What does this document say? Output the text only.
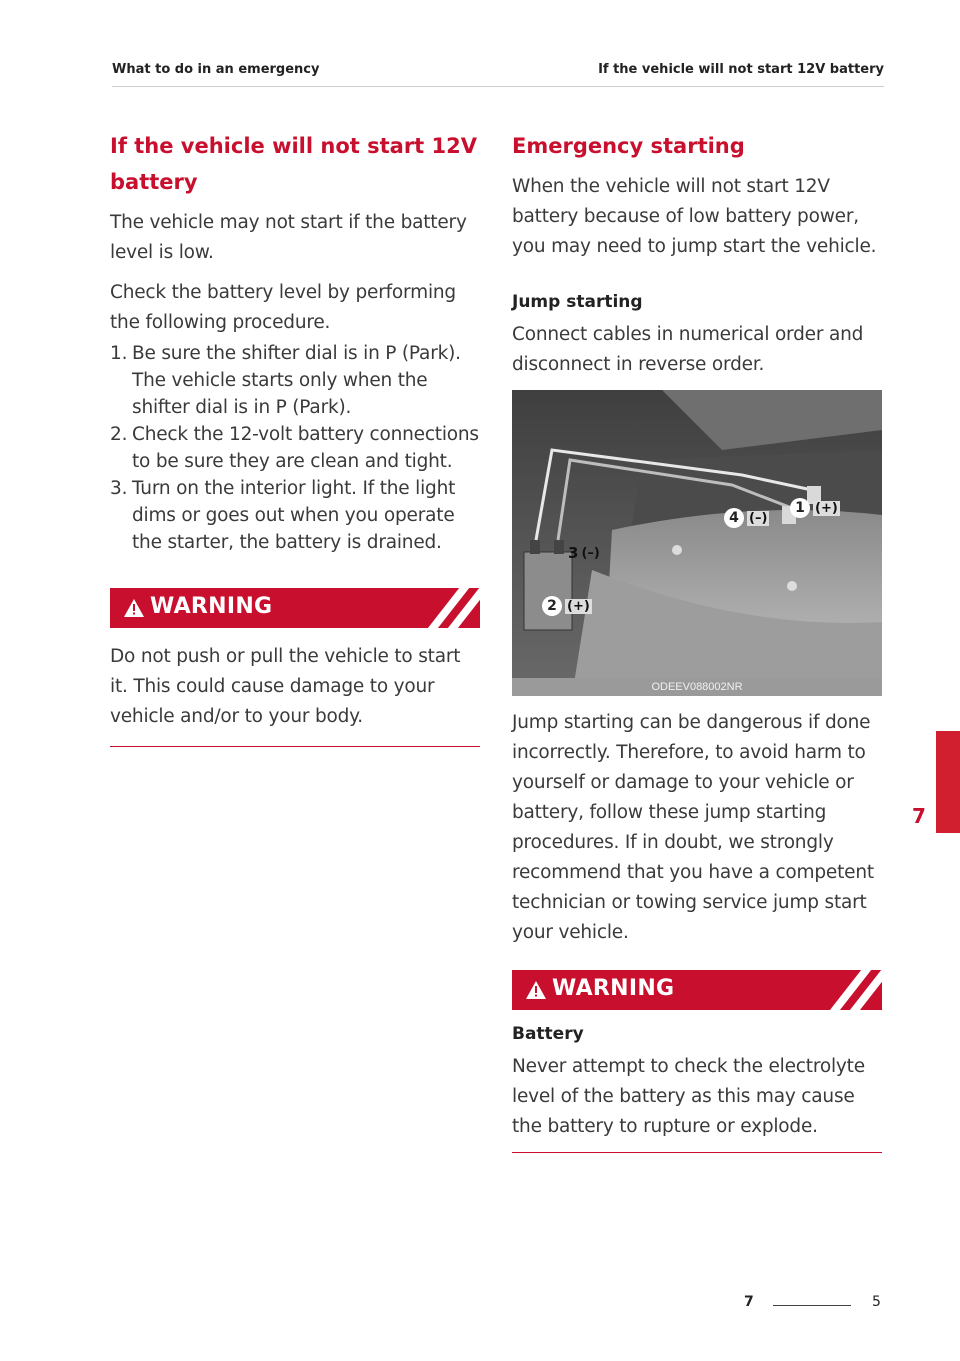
What to do in an emergency	If the vehicle will not start 12V battery
If the vehicle will not start 12V battery

The vehicle may not start if the battery level is low.

Check the battery level by performing the following procedure.

1. Be sure the shifter dial is in P (Park). The vehicle starts only when the shifter dial is in P (Park).
2. Check the 12-volt battery connections to be sure they are clean and tight.
3. Turn on the interior light. If the light dims or goes out when you operate the starter, the battery is drained.
WARNING

Do not push or pull the vehicle to start it. This could cause damage to your vehicle and/or to your body.

Emergency starting

When the vehicle will not start 12V battery because of low battery power, you may need to jump start the vehicle.

Jump starting

Connect cables in numerical order and disconnect in reverse order.

1 (+)
2 (+)
3 (–)
4 (–)
ODEEV088002NR

Jump starting can be dangerous if done incorrectly. Therefore, to avoid harm to yourself or damage to your vehicle or battery, follow these jump starting procedures. If in doubt, we strongly recommend that you have a competent technician or towing service jump start your vehicle.

WARNING
Battery

Never attempt to check the electrolyte level of the battery as this may cause the battery to rupture or explode.

7
7	5
